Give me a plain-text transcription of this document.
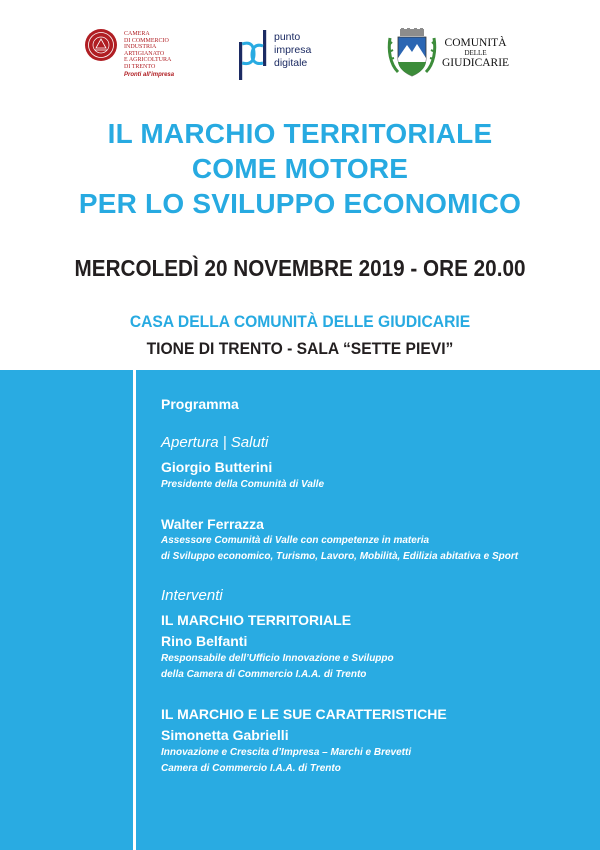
CAMERA
DI COMMERCIO
INDUSTRIA
ARTIGIANATO
E AGRICOLTURA
DI TRENTO
Pronti all'impresa
punto
impresa
digitale
COMUNITÀ
DELLE
GIUDICARIE
IL MARCHIO TERRITORIALE
COME MOTORE
PER LO SVILUPPO ECONOMICO
MERCOLEDÌ 20 NOVEMBRE 2019 - ORE 20.00
CASA DELLA COMUNITÀ DELLE GIUDICARIE
TIONE DI TRENTO - SALA “SETTE PIEVI”
Programma
Apertura | Saluti
Giorgio Butterini
Presidente della Comunità di Valle
Walter Ferrazza
Assessore Comunità di Valle con competenze in materia
di Sviluppo economico, Turismo, Lavoro, Mobilità, Edilizia abitativa e Sport
Interventi
IL MARCHIO TERRITORIALE
Rino Belfanti
Responsabile dell’Ufficio Innovazione e Sviluppo
della Camera di Commercio I.A.A. di Trento
IL MARCHIO E LE SUE CARATTERISTICHE
Simonetta Gabrielli
Innovazione e Crescita d’Impresa – Marchi e Brevetti
Camera di Commercio I.A.A. di Trento
